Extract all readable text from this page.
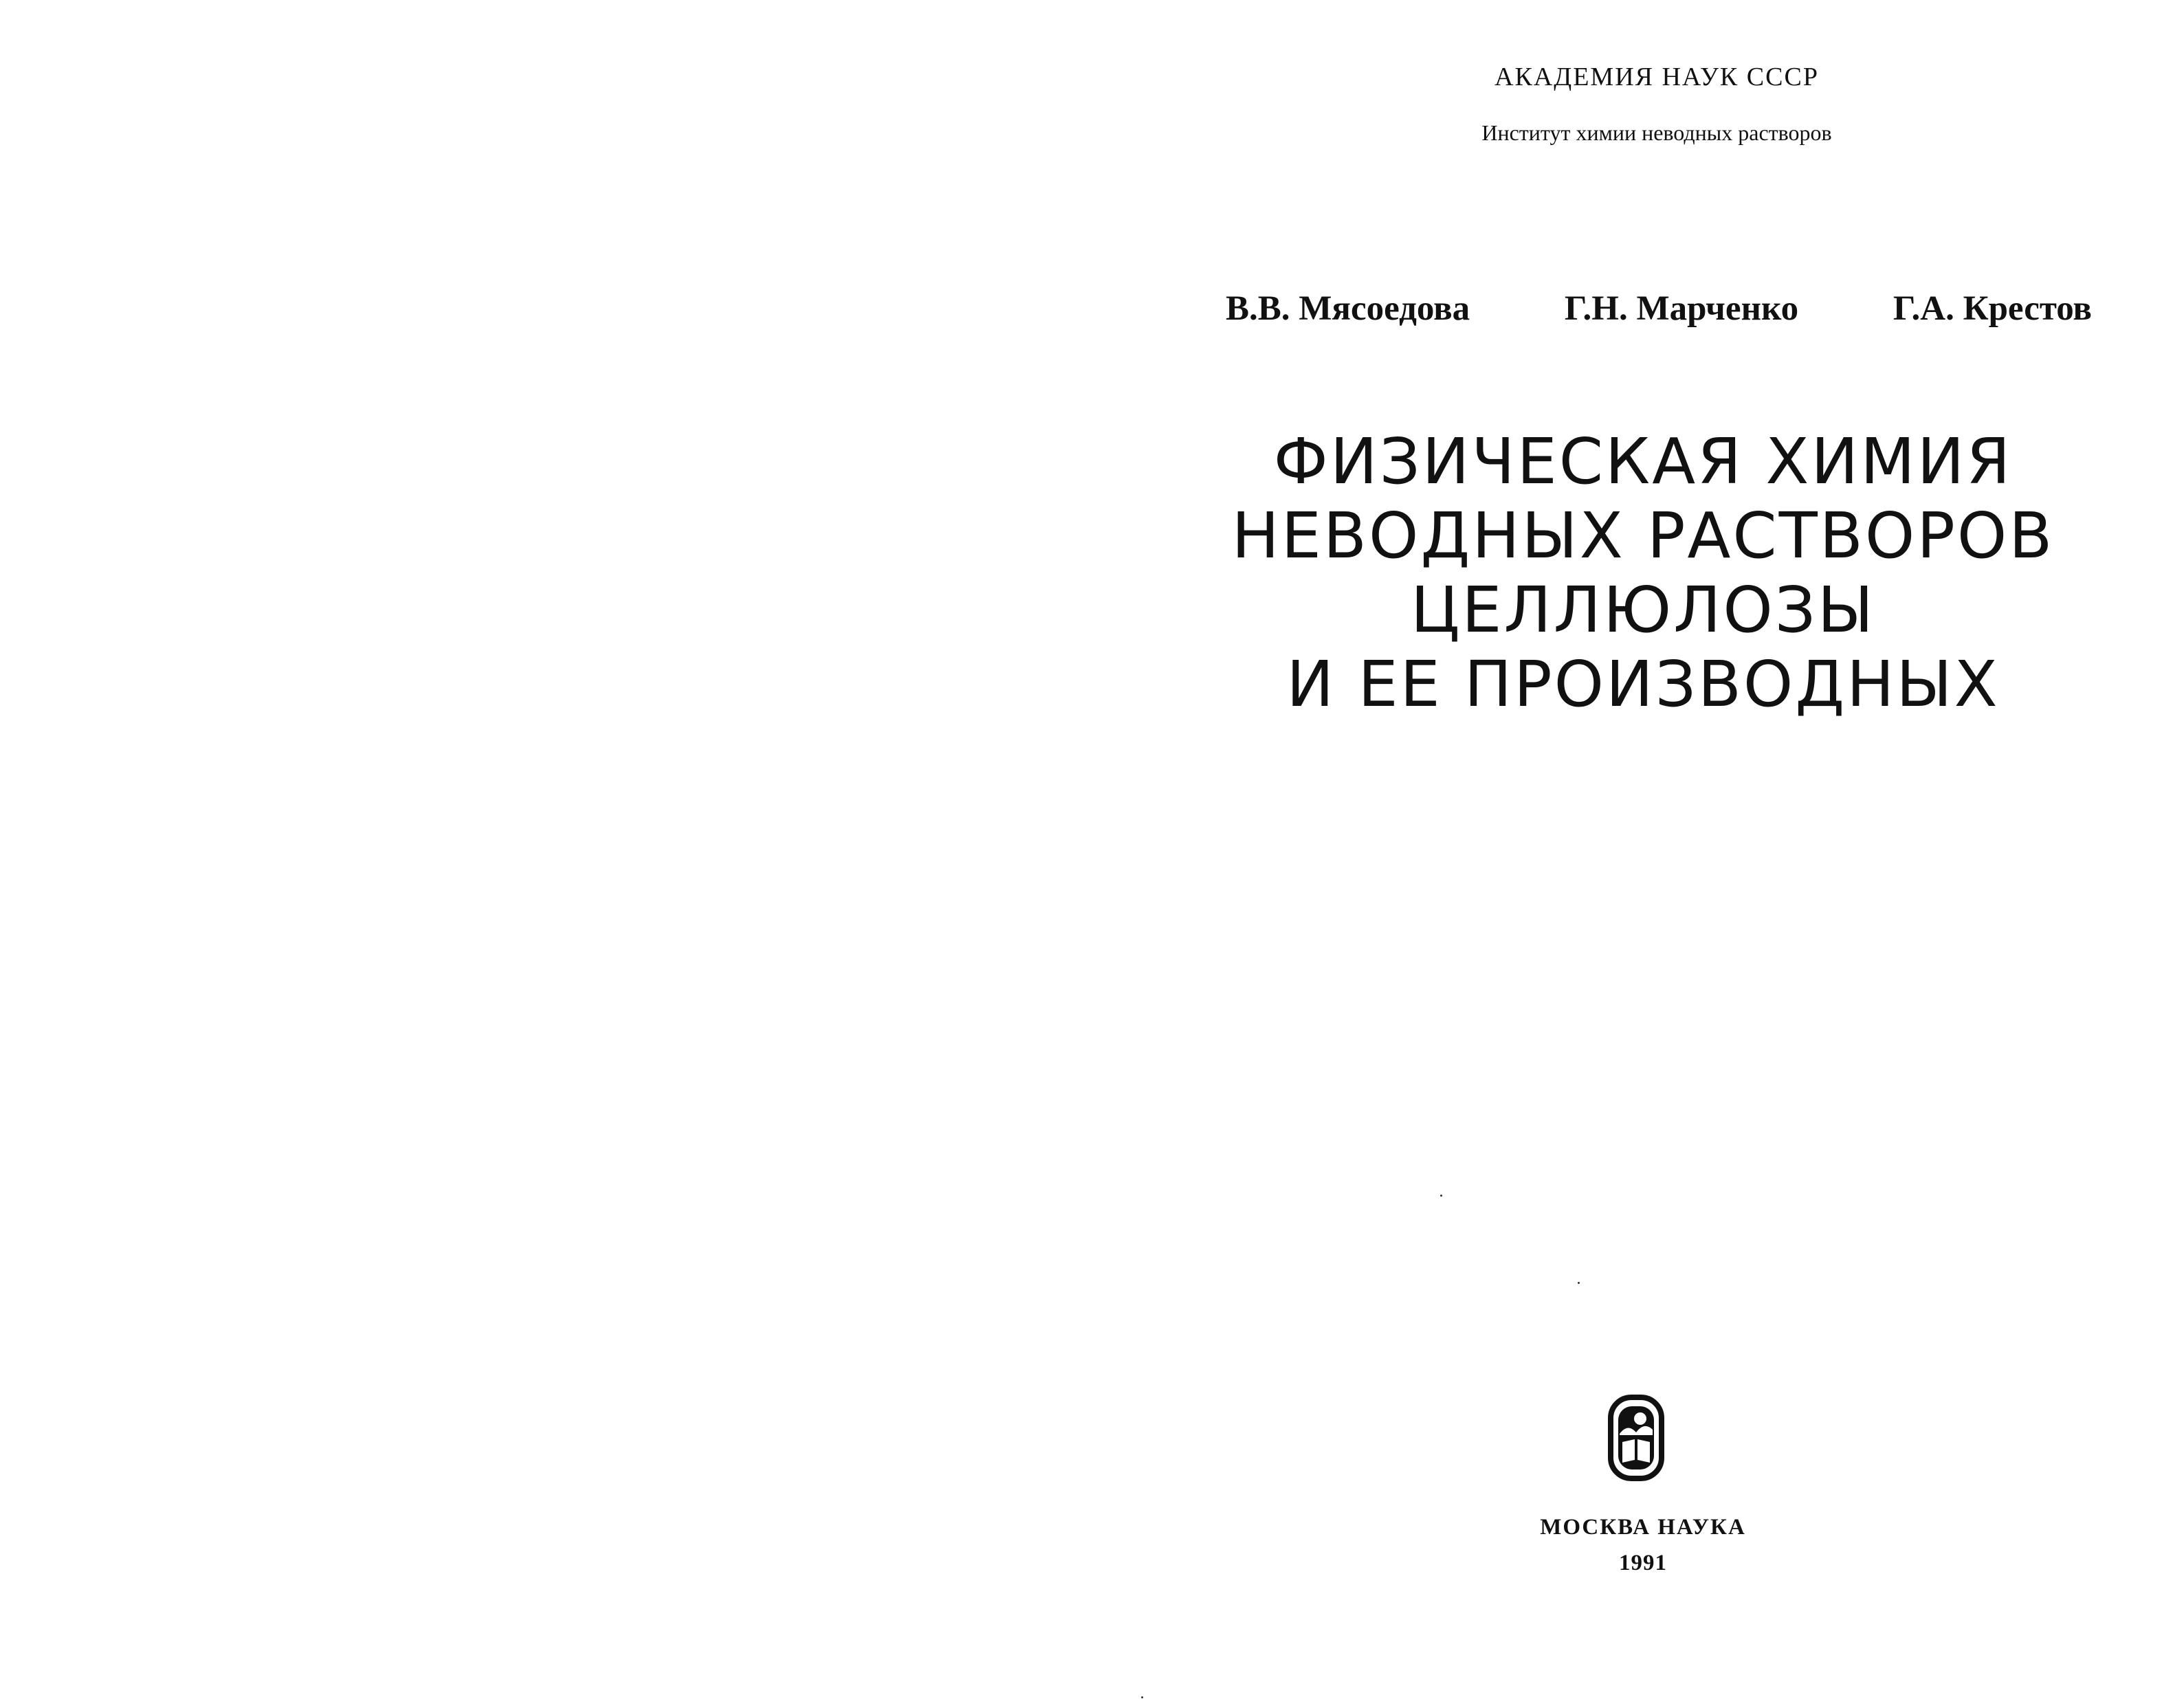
АКАДЕМИЯ НАУК СССР
Институт химии неводных растворов
В.В. Мясоедова	Г.Н. Марченко	Г.А. Крестов
ФИЗИЧЕСКАЯ ХИМИЯ
НЕВОДНЫХ РАСТВОРОВ
ЦЕЛЛЮЛОЗЫ
И ЕЕ ПРОИЗВОДНЫХ
МОСКВА НАУКА
1991
